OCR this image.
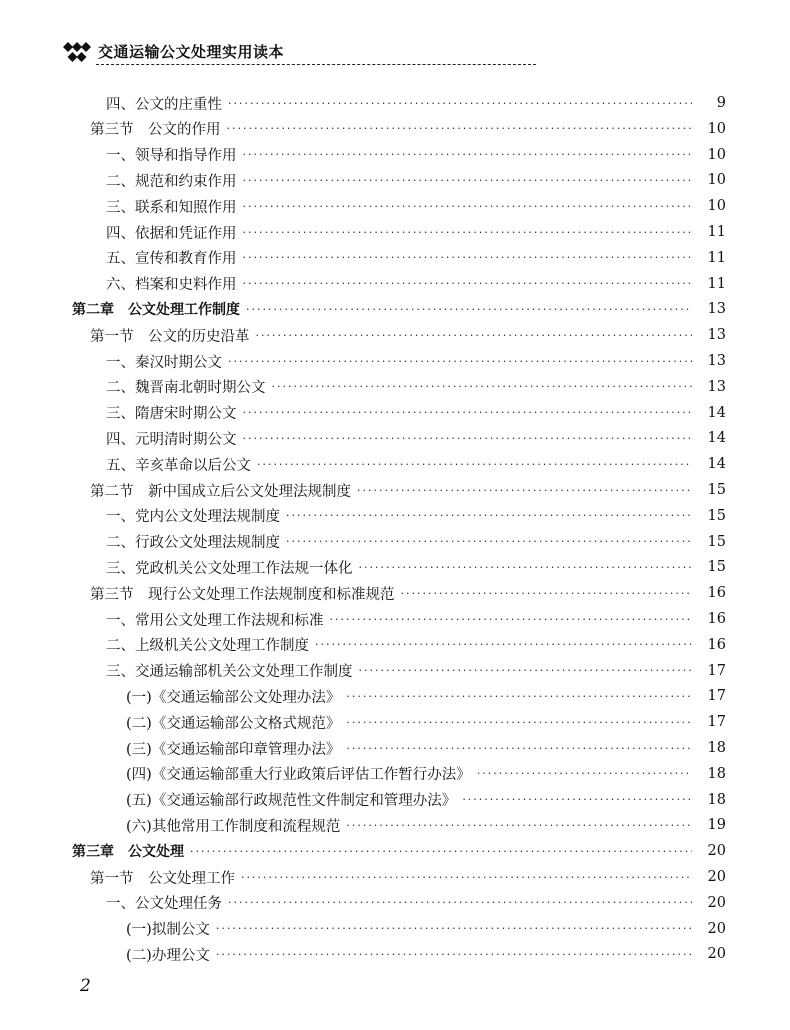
交通运输公文处理实用读本
四、公文的庄重性 ·····	9
第三节　公文的作用 ·····	10
一、领导和指导作用 ·····	10
二、规范和约束作用 ·····	10
三、联系和知照作用 ·····	10
四、依据和凭证作用 ·····	11
五、宣传和教育作用 ·····	11
六、档案和史料作用 ·····	11
第二章　公文处理工作制度 ·····	13
第一节　公文的历史沿革 ·····	13
一、秦汉时期公文 ·····	13
二、魏晋南北朝时期公文 ·····	13
三、隋唐宋时期公文 ·····	14
四、元明清时期公文 ·····	14
五、辛亥革命以后公文 ·····	14
第二节　新中国成立后公文处理法规制度 ·····	15
一、党内公文处理法规制度 ·····	15
二、行政公文处理法规制度 ·····	15
三、党政机关公文处理工作法规一体化 ·····	15
第三节　现行公文处理工作法规制度和标准规范 ·····	16
一、常用公文处理工作法规和标准 ·····	16
二、上级机关公文处理工作制度 ·····	16
三、交通运输部机关公文处理工作制度 ·····	17
(一)《交通运输部公文处理办法》 ·····	17
(二)《交通运输部公文格式规范》 ·····	17
(三)《交通运输部印章管理办法》 ·····	18
(四)《交通运输部重大行业政策后评估工作暂行办法》 ·····	18
(五)《交通运输部行政规范性文件制定和管理办法》 ·····	18
(六)其他常用工作制度和流程规范 ·····	19
第三章　公文处理 ·····	20
第一节　公文处理工作 ·····	20
一、公文处理任务 ·····	20
(一)拟制公文 ·····	20
(二)办理公文 ·····	20
2
